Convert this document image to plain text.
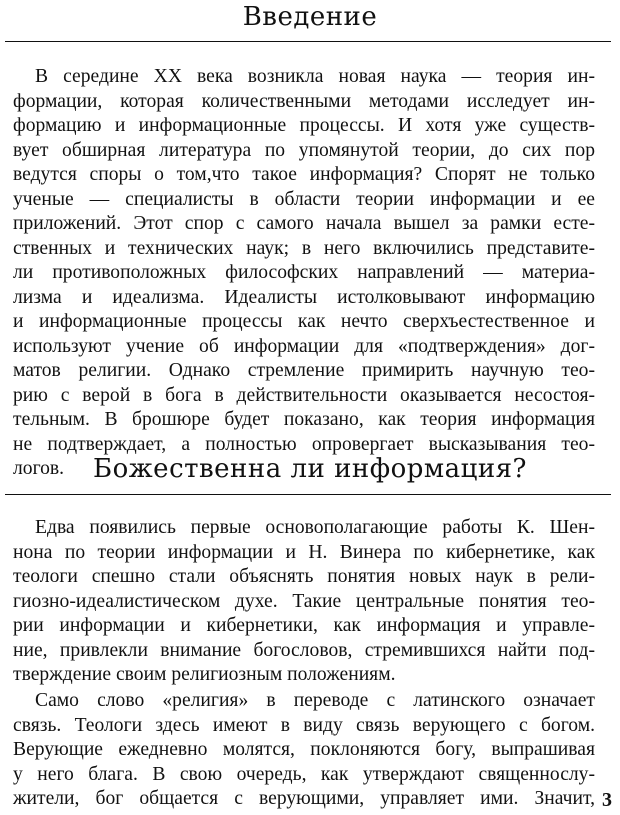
Введение
В середине XX века возникла новая наука — теория ин-
формации, которая количественными методами исследует ин-
формацию и информационные процессы. И хотя уже существ-
вует обширная литература по упомянутой теории, до сих пор
ведутся споры о том,что такое информация? Спорят не только
ученые — специалисты в области теории информации и ее
приложений. Этот спор с самого начала вышел за рамки есте-
ственных и технических наук; в него включились представите-
ли противоположных философских направлений — материа-
лизма и идеализма. Идеалисты истолковывают информацию
и информационные процессы как нечто сверхъестественное и
используют учение об информации для «подтверждения» дог-
матов религии. Однако стремление примирить научную тео-
рию с верой в бога в действительности оказывается несостоя-
тельным. В брошюре будет показано, как теория информация
не подтверждает, а полностью опровергает высказывания тео-
логов.	Божественна ли информация?
Едва появились первые основополагающие работы К. Шен-
нона по теории информации и Н. Винера по кибернетике, как
теологи спешно стали объяснять понятия новых наук в рели-
гиозно-идеалистическом духе. Такие центральные понятия тео-
рии информации и кибернетики, как информация и управле-
ние, привлекли внимание богословов, стремившихся найти под-
тверждение своим религиозным положениям.
Само слово «религия» в переводе с латинского означает
связь. Теологи здесь имеют в виду связь верующего с богом.
Верующие ежедневно молятся, поклоняются богу, выпрашивая
у него блага. В свою очередь, как утверждают священнослу-
жители, бог общается с верующими, управляет ими. Значит, 3
